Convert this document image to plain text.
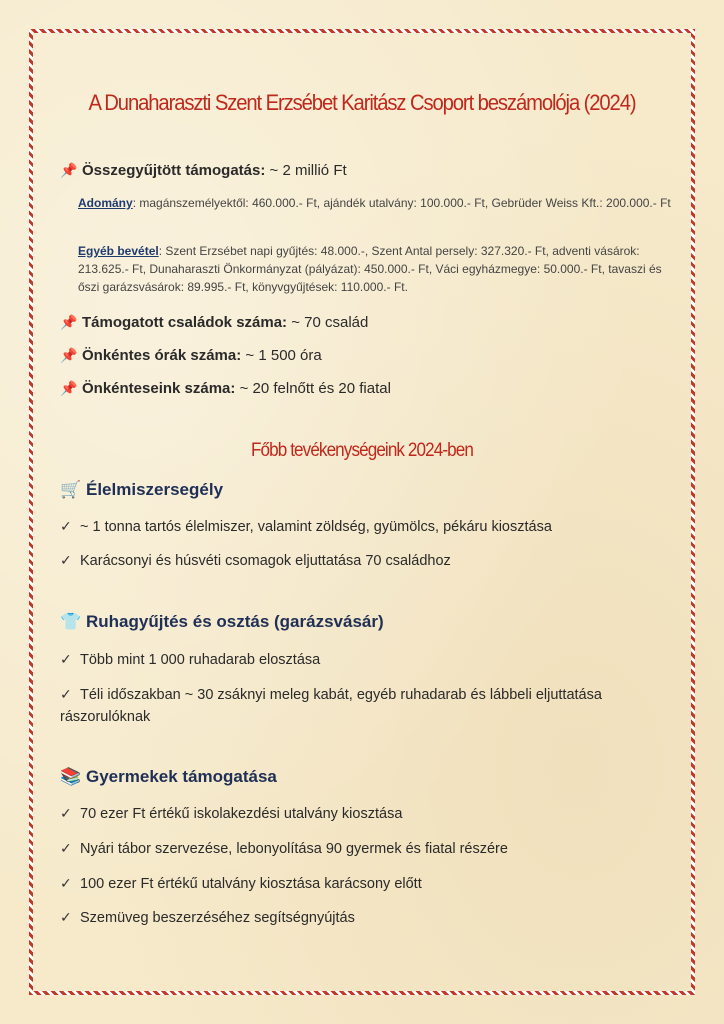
A Dunaharaszti Szent Erzsébet Karitász Csoport beszámolója (2024)
📌 Összegyűjtött támogatás: ~ 2 millió Ft
Adomány: magánszemélyektől: 460.000.- Ft, ajándék utalvány: 100.000.- Ft, Gebrüder Weiss Kft.: 200.000.- Ft
Egyéb bevétel: Szent Erzsébet napi gyűjtés: 48.000.-, Szent Antal persely: 327.320.- Ft, adventi vásárok: 213.625.- Ft, Dunaharaszti Önkormányzat (pályázat): 450.000.- Ft, Váci egyházmegye: 50.000.- Ft, tavaszi és őszi garázsvásárok: 89.995.- Ft, könyvgyűjtések: 110.000.- Ft.
📌 Támogatott családok száma: ~ 70 család
📌 Önkéntes órák száma: ~ 1 500 óra
📌 Önkénteseink száma: ~ 20 felnőtt és 20 fiatal
Főbb tevékenységeink 2024-ben
🛒 Élelmiszersegély
✓ ~ 1 tonna tartós élelmiszer, valamint zöldség, gyümölcs, pékáru kiosztása
✓ Karácsonyi és húsvéti csomagok eljuttatása 70 családhoz
👕 Ruhagyűjtés és osztás (garázsvásár)
✓ Több mint 1 000 ruhadarab elosztása
✓ Téli időszakban ~ 30 zsáknyi meleg kabát, egyéb ruhadarab és lábbeli eljuttatása rászorulóknak
📚 Gyermekek támogatása
✓ 70 ezer Ft értékű iskolakezdési utalvány kiosztása
✓ Nyári tábor szervezése, lebonyolítása 90 gyermek és fiatal részére
✓ 100 ezer Ft értékű utalvány kiosztása karácsony előtt
✓ Szemüveg beszerzéséhez segítségnyújtás
